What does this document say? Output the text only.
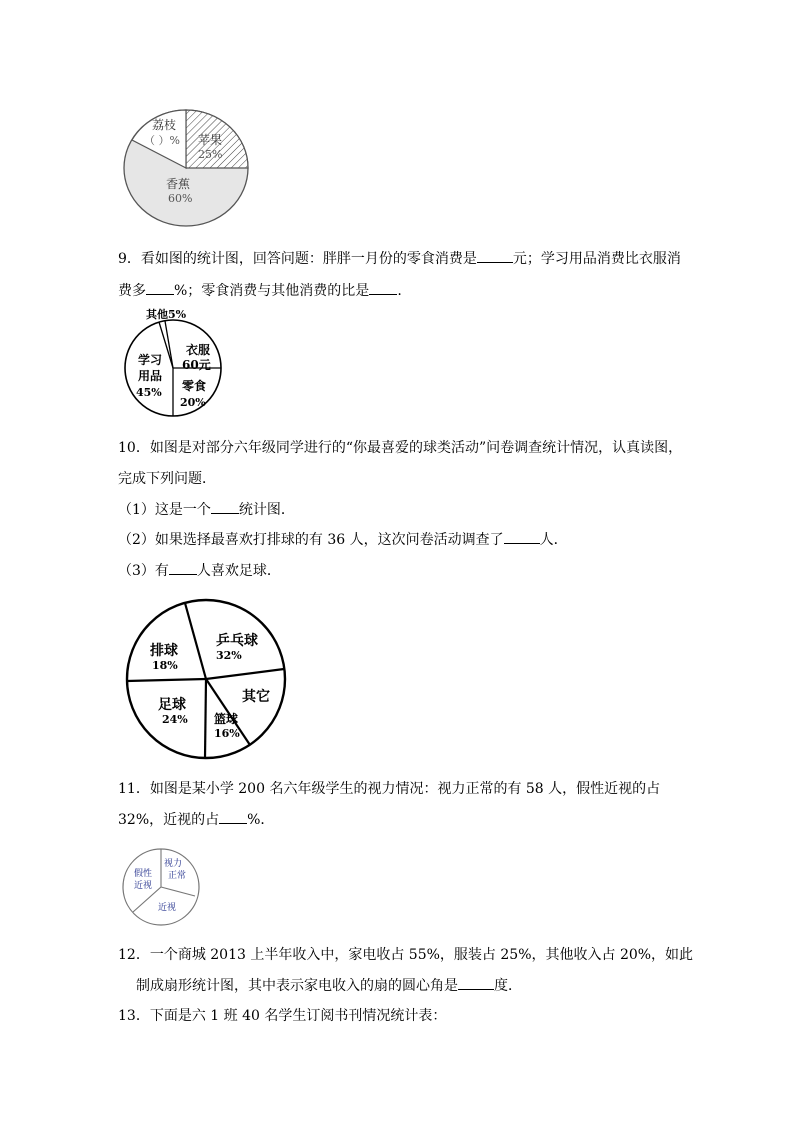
荔枝
（ ）% 苹果
25%
香蕉
60%
9．看如图的统计图，回答问题：胖胖一月份的零食消费是	元；学习用品消费比衣服消
费多 %；零食消费与其他消费的比是 .
其他5%
衣服
60元
学习
用品
45% 零食
20%
10．如图是对部分六年级同学进行的“你最喜爱的球类活动”问卷调查统计情况，认真读图，
完成下列问题．
（1）这是一个 统计图．
（2）如果选择最喜欢打排球的有 36 人，这次问卷活动调查了	人．
（3）有 人喜欢足球．
乒乓球
32%
排球
18%
足球
24% 篮球
16%
其它
11．如图是某小学 200 名六年级学生的视力情况：视力正常的有 58 人，假性近视的占
32%，近视的占 %．
视力
正常
假性
近视
近视
12．一个商城 2013 上半年收入中，家电收占 55%，服装占 25%，其他收入占 20%，如此
制成扇形统计图，其中表示家电收入的扇的圆心角是	度．
13．下面是六 1 班 40 名学生订阅书刊情况统计表：
